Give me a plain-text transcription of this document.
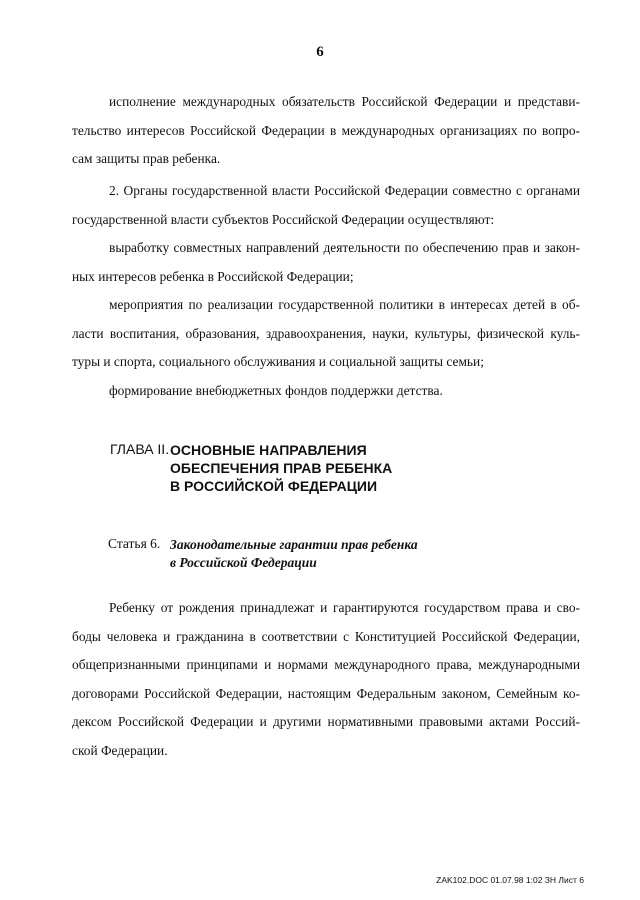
6
исполнение международных обязательств Российской Федерации и представи-
тельство интересов Российской Федерации в международных организациях по вопро-
сам защиты прав ребенка.
2. Органы государственной власти Российской Федерации совместно с органами
государственной власти субъектов Российской Федерации осуществляют:
выработку совместных направлений деятельности по обеспечению прав и закон-
ных интересов ребенка в Российской Федерации;
мероприятия по реализации государственной политики в интересах детей в об-
ласти воспитания, образования, здравоохранения, науки, культуры, физической куль-
туры и спорта, социального обслуживания и социальной защиты семьи;
формирование внебюджетных фондов поддержки детства.
ГЛАВА II. ОСНОВНЫЕ НАПРАВЛЕНИЯ
ОБЕСПЕЧЕНИЯ ПРАВ РЕБЕНКА
В РОССИЙСКОЙ ФЕДЕРАЦИИ
Статья 6. Законодательные гарантии прав ребенка
в Российской Федерации
Ребенку от рождения принадлежат и гарантируются государством права и сво-
боды человека и гражданина в соответствии с Конституцией Российской Федерации,
общепризнанными принципами и нормами международного права, международными
договорами Российской Федерации, настоящим Федеральным законом, Семейным ко-
дексом Российской Федерации и другими нормативными правовыми актами Россий-
ской Федерации.
ZAK102.DOC 01.07.98 1:02 ЗН Лист 6
